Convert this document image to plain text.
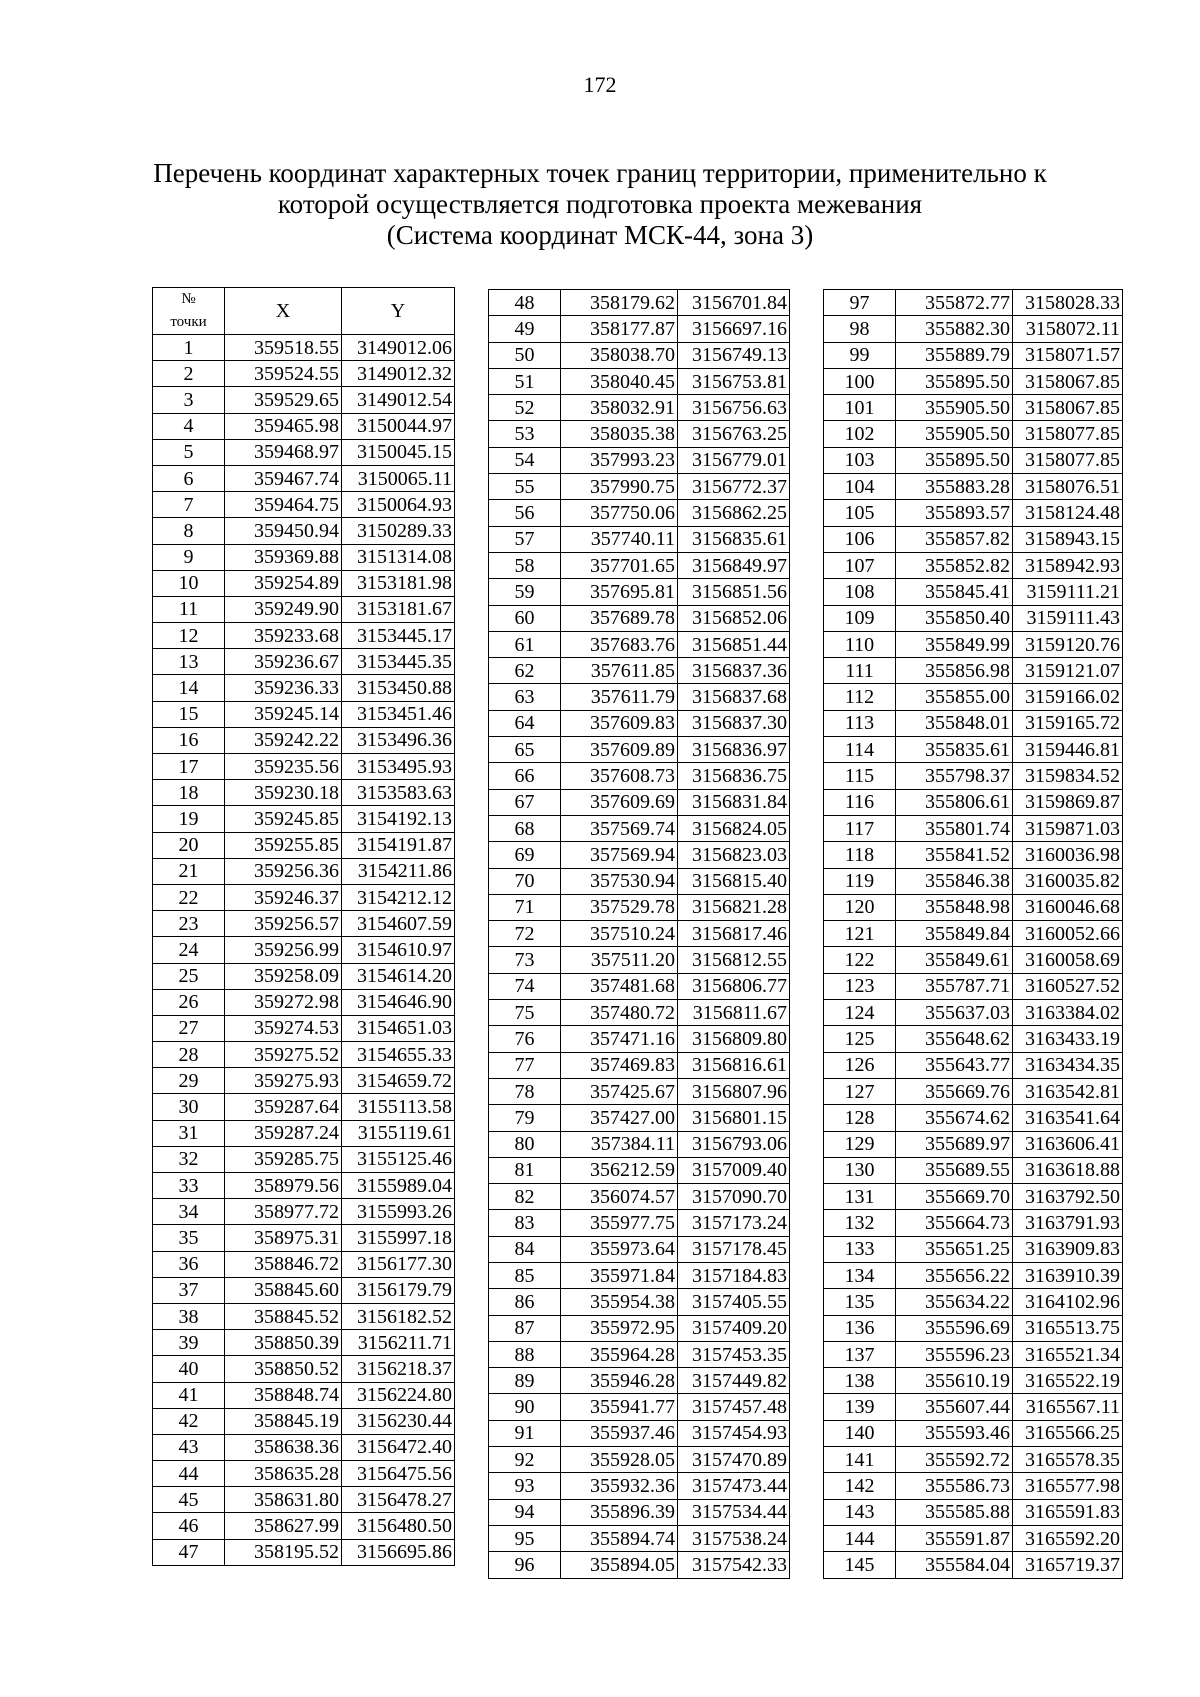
172
Перечень координат характерных точек границ территории, применительно к
которой осуществляется подготовка проекта межевания
(Система координат МСК-44, зона 3)
№
точки	X	Y
1	359518.55	3149012.06
2	359524.55	3149012.32
3	359529.65	3149012.54
4	359465.98	3150044.97
5	359468.97	3150045.15
6	359467.74	3150065.11
7	359464.75	3150064.93
8	359450.94	3150289.33
9	359369.88	3151314.08
10	359254.89	3153181.98
11	359249.90	3153181.67
12	359233.68	3153445.17
13	359236.67	3153445.35
14	359236.33	3153450.88
15	359245.14	3153451.46
16	359242.22	3153496.36
17	359235.56	3153495.93
18	359230.18	3153583.63
19	359245.85	3154192.13
20	359255.85	3154191.87
21	359256.36	3154211.86
22	359246.37	3154212.12
23	359256.57	3154607.59
24	359256.99	3154610.97
25	359258.09	3154614.20
26	359272.98	3154646.90
27	359274.53	3154651.03
28	359275.52	3154655.33
29	359275.93	3154659.72
30	359287.64	3155113.58
31	359287.24	3155119.61
32	359285.75	3155125.46
33	358979.56	3155989.04
34	358977.72	3155993.26
35	358975.31	3155997.18
36	358846.72	3156177.30
37	358845.60	3156179.79
38	358845.52	3156182.52
39	358850.39	3156211.71
40	358850.52	3156218.37
41	358848.74	3156224.80
42	358845.19	3156230.44
43	358638.36	3156472.40
44	358635.28	3156475.56
45	358631.80	3156478.27
46	358627.99	3156480.50
47	358195.52	3156695.86
48	358179.62	3156701.84
49	358177.87	3156697.16
50	358038.70	3156749.13
51	358040.45	3156753.81
52	358032.91	3156756.63
53	358035.38	3156763.25
54	357993.23	3156779.01
55	357990.75	3156772.37
56	357750.06	3156862.25
57	357740.11	3156835.61
58	357701.65	3156849.97
59	357695.81	3156851.56
60	357689.78	3156852.06
61	357683.76	3156851.44
62	357611.85	3156837.36
63	357611.79	3156837.68
64	357609.83	3156837.30
65	357609.89	3156836.97
66	357608.73	3156836.75
67	357609.69	3156831.84
68	357569.74	3156824.05
69	357569.94	3156823.03
70	357530.94	3156815.40
71	357529.78	3156821.28
72	357510.24	3156817.46
73	357511.20	3156812.55
74	357481.68	3156806.77
75	357480.72	3156811.67
76	357471.16	3156809.80
77	357469.83	3156816.61
78	357425.67	3156807.96
79	357427.00	3156801.15
80	357384.11	3156793.06
81	356212.59	3157009.40
82	356074.57	3157090.70
83	355977.75	3157173.24
84	355973.64	3157178.45
85	355971.84	3157184.83
86	355954.38	3157405.55
87	355972.95	3157409.20
88	355964.28	3157453.35
89	355946.28	3157449.82
90	355941.77	3157457.48
91	355937.46	3157454.93
92	355928.05	3157470.89
93	355932.36	3157473.44
94	355896.39	3157534.44
95	355894.74	3157538.24
96	355894.05	3157542.33
97	355872.77	3158028.33
98	355882.30	3158072.11
99	355889.79	3158071.57
100	355895.50	3158067.85
101	355905.50	3158067.85
102	355905.50	3158077.85
103	355895.50	3158077.85
104	355883.28	3158076.51
105	355893.57	3158124.48
106	355857.82	3158943.15
107	355852.82	3158942.93
108	355845.41	3159111.21
109	355850.40	3159111.43
110	355849.99	3159120.76
111	355856.98	3159121.07
112	355855.00	3159166.02
113	355848.01	3159165.72
114	355835.61	3159446.81
115	355798.37	3159834.52
116	355806.61	3159869.87
117	355801.74	3159871.03
118	355841.52	3160036.98
119	355846.38	3160035.82
120	355848.98	3160046.68
121	355849.84	3160052.66
122	355849.61	3160058.69
123	355787.71	3160527.52
124	355637.03	3163384.02
125	355648.62	3163433.19
126	355643.77	3163434.35
127	355669.76	3163542.81
128	355674.62	3163541.64
129	355689.97	3163606.41
130	355689.55	3163618.88
131	355669.70	3163792.50
132	355664.73	3163791.93
133	355651.25	3163909.83
134	355656.22	3163910.39
135	355634.22	3164102.96
136	355596.69	3165513.75
137	355596.23	3165521.34
138	355610.19	3165522.19
139	355607.44	3165567.11
140	355593.46	3165566.25
141	355592.72	3165578.35
142	355586.73	3165577.98
143	355585.88	3165591.83
144	355591.87	3165592.20
145	355584.04	3165719.37
